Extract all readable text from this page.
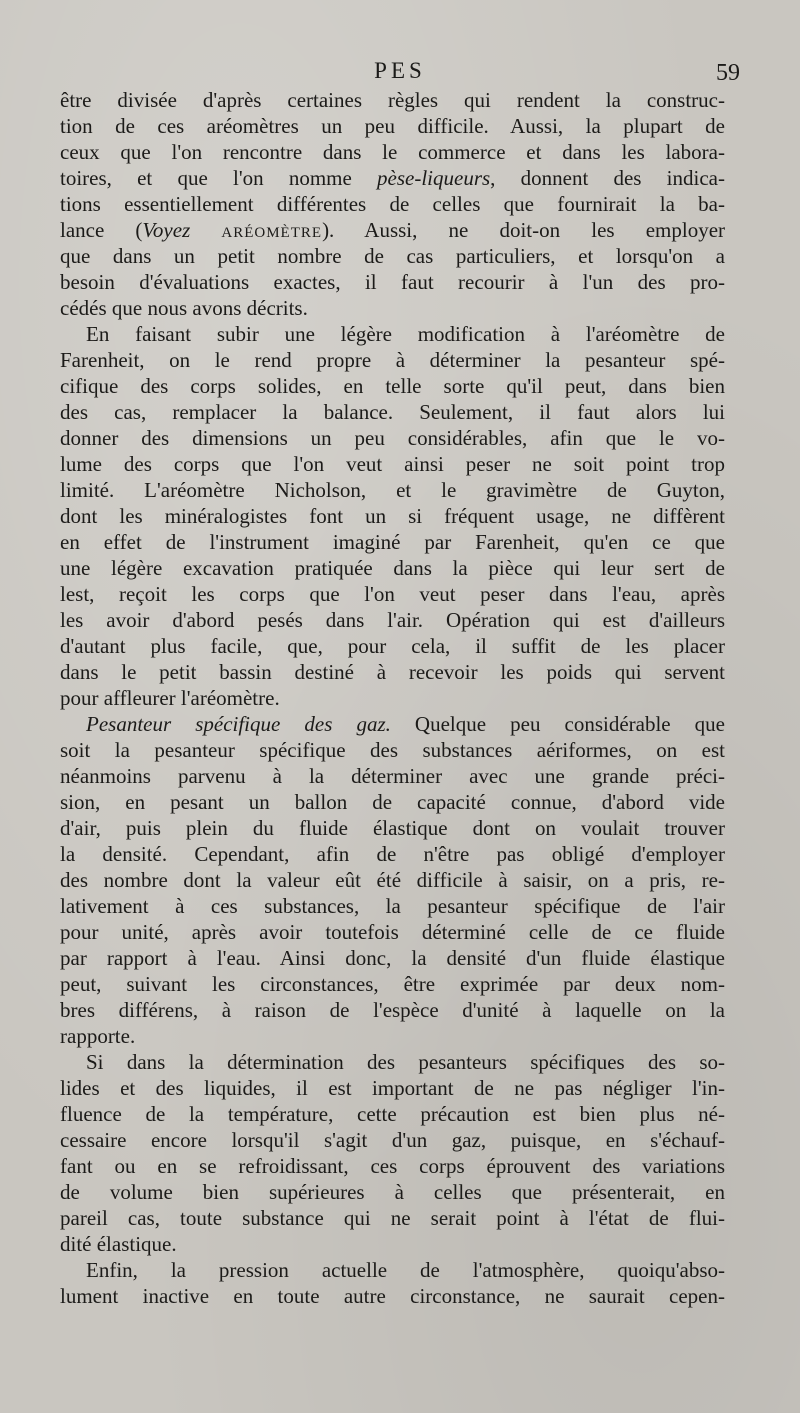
PES	59
être divisée d'après certaines règles qui rendent la construc-
tion de ces aréomètres un peu difficile. Aussi, la plupart de
ceux que l'on rencontre dans le commerce et dans les labora-
toires, et que l'on nomme pèse-liqueurs, donnent des indica-
tions essentiellement différentes de celles que fournirait la ba-
lance (Voyez ARÉOMÈTRE). Aussi, ne doit-on les employer
que dans un petit nombre de cas particuliers, et lorsqu'on a
besoin d'évaluations exactes, il faut recourir à l'un des pro-
cédés que nous avons décrits.
En faisant subir une légère modification à l'aréomètre de
Farenheit, on le rend propre à déterminer la pesanteur spé-
cifique des corps solides, en telle sorte qu'il peut, dans bien
des cas, remplacer la balance. Seulement, il faut alors lui
donner des dimensions un peu considérables, afin que le vo-
lume des corps que l'on veut ainsi peser ne soit point trop
limité. L'aréomètre Nicholson, et le gravimètre de Guyton,
dont les minéralogistes font un si fréquent usage, ne diffèrent
en effet de l'instrument imaginé par Farenheit, qu'en ce que
une légère excavation pratiquée dans la pièce qui leur sert de
lest, reçoit les corps que l'on veut peser dans l'eau, après
les avoir d'abord pesés dans l'air. Opération qui est d'ailleurs
d'autant plus facile, que, pour cela, il suffit de les placer
dans le petit bassin destiné à recevoir les poids qui servent
pour affleurer l'aréomètre.
Pesanteur spécifique des gaz. Quelque peu considérable que
soit la pesanteur spécifique des substances aériformes, on est
néanmoins parvenu à la déterminer avec une grande préci-
sion, en pesant un ballon de capacité connue, d'abord vide
d'air, puis plein du fluide élastique dont on voulait trouver
la densité. Cependant, afin de n'être pas obligé d'employer
des nombre dont la valeur eût été difficile à saisir, on a pris, re-
lativement à ces substances, la pesanteur spécifique de l'air
pour unité, après avoir toutefois déterminé celle de ce fluide
par rapport à l'eau. Ainsi donc, la densité d'un fluide élastique
peut, suivant les circonstances, être exprimée par deux nom-
bres différens, à raison de l'espèce d'unité à laquelle on la
rapporte.
Si dans la détermination des pesanteurs spécifiques des so-
lides et des liquides, il est important de ne pas négliger l'in-
fluence de la température, cette précaution est bien plus né-
cessaire encore lorsqu'il s'agit d'un gaz, puisque, en s'échauf-
fant ou en se refroidissant, ces corps éprouvent des variations
de volume bien supérieures à celles que présenterait, en
pareil cas, toute substance qui ne serait point à l'état de flui-
dité élastique.
Enfin, la pression actuelle de l'atmosphère, quoiqu'abso-
lument inactive en toute autre circonstance, ne saurait cepen-
